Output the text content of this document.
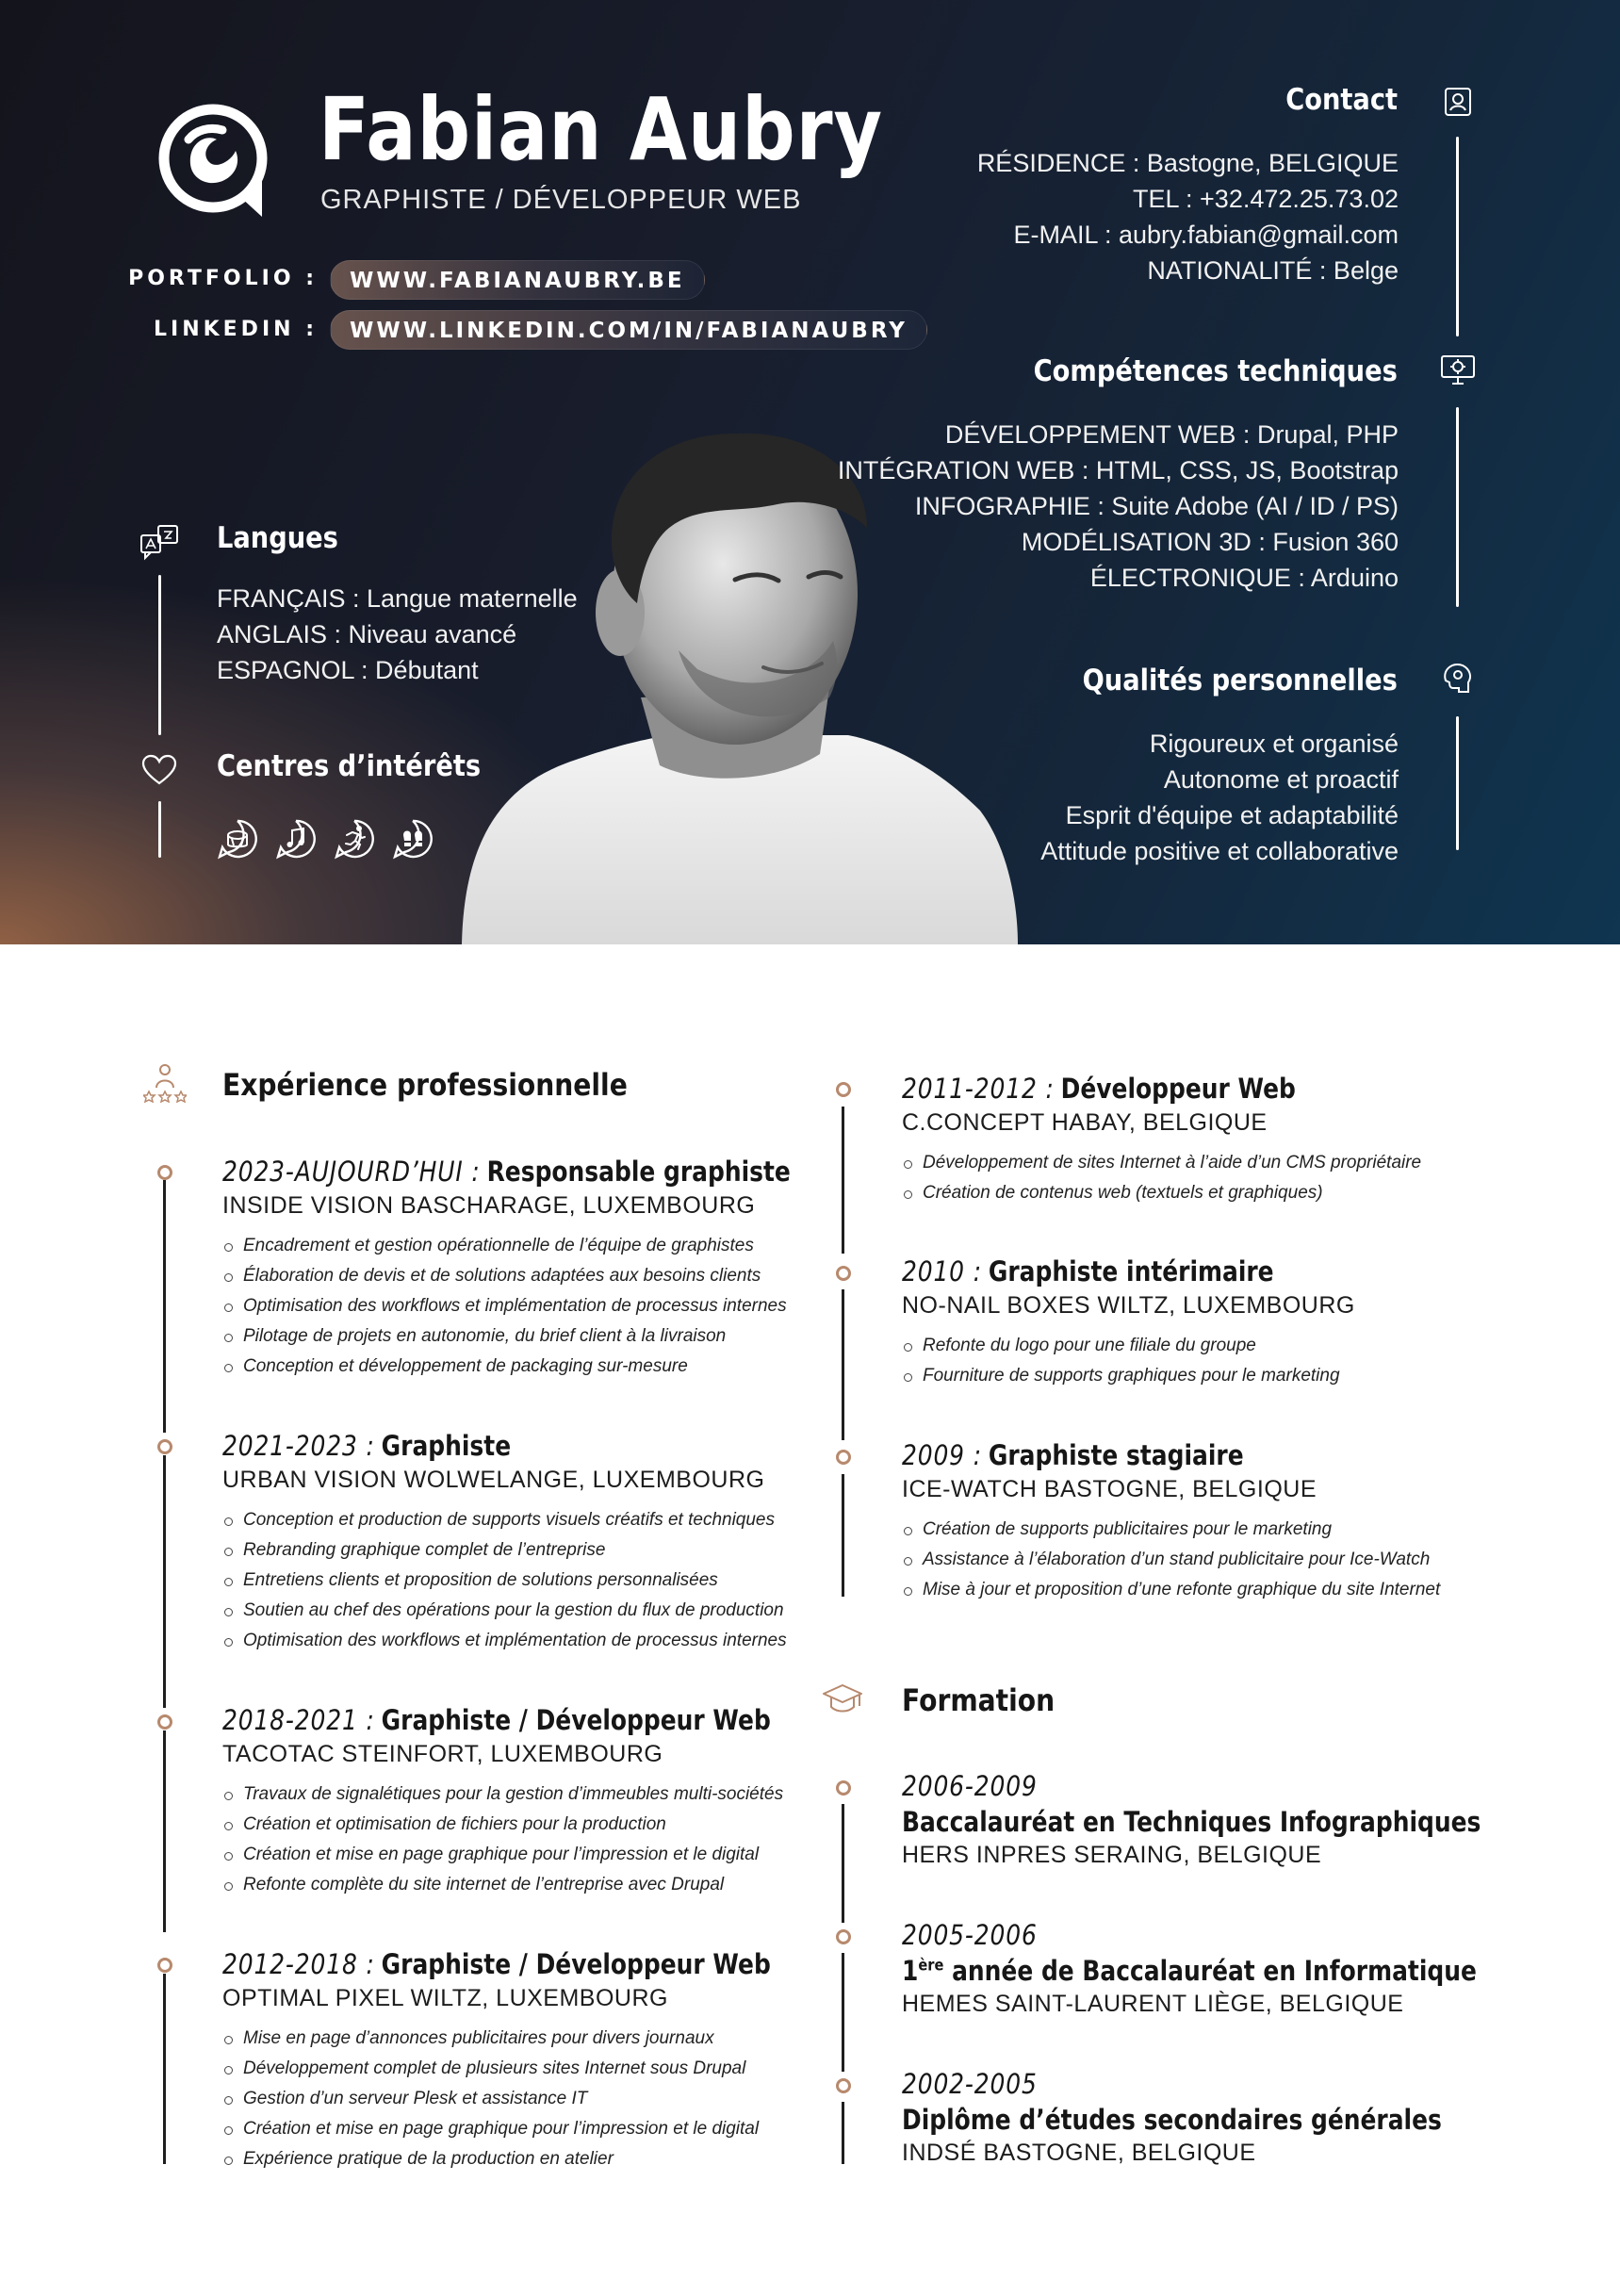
Fabian Aubry
GRAPHISTE / DÉVELOPPEUR WEB
PORTFOLIO :	WWW.FABIANAUBRY.BE
LINKEDIN :	WWW.LINKEDIN.COM/IN/FABIANAUBRY
Contact
RÉSIDENCE : Bastogne, BELGIQUE
TEL : +32.472.25.73.02
E-MAIL : aubry.fabian@gmail.com
NATIONALITÉ : Belge
Compétences techniques
DÉVELOPPEMENT WEB : Drupal, PHP
INTÉGRATION WEB : HTML, CSS, JS, Bootstrap
INFOGRAPHIE : Suite Adobe (AI / ID / PS)
MODÉLISATION 3D : Fusion 360
ÉLECTRONIQUE : Arduino
Qualités personnelles
Rigoureux et organisé
Autonome et proactif
Esprit d'équipe et adaptabilité
Attitude positive et collaborative
Langues
FRANÇAIS : Langue maternelle
ANGLAIS : Niveau avancé
ESPAGNOL : Débutant
Centres d’intérêts
Expérience professionnelle
2023-AUJOURD’HUI : Responsable graphiste
INSIDE VISION BASCHARAGE, LUXEMBOURG
Encadrement et gestion opérationnelle de l’équipe de graphistes
Élaboration de devis et de solutions adaptées aux besoins clients
Optimisation des workflows et implémentation de processus internes
Pilotage de projets en autonomie, du brief client à la livraison
Conception et développement de packaging sur-mesure
2021-2023 : Graphiste
URBAN VISION WOLWELANGE, LUXEMBOURG
Conception et production de supports visuels créatifs et techniques
Rebranding graphique complet de l’entreprise
Entretiens clients et proposition de solutions personnalisées
Soutien au chef des opérations pour la gestion du flux de production
Optimisation des workflows et implémentation de processus internes
2018-2021 : Graphiste / Développeur Web
TACOTAC STEINFORT, LUXEMBOURG
Travaux de signalétiques pour la gestion d’immeubles multi-sociétés
Création et optimisation de fichiers pour la production
Création et mise en page graphique pour l’impression et le digital
Refonte complète du site internet de l’entreprise avec Drupal
2012-2018 : Graphiste / Développeur Web
OPTIMAL PIXEL WILTZ, LUXEMBOURG
Mise en page d’annonces publicitaires pour divers journaux
Développement complet de plusieurs sites Internet sous Drupal
Gestion d’un serveur Plesk et assistance IT
Création et mise en page graphique pour l’impression et le digital
Expérience pratique de la production en atelier
2011-2012 : Développeur Web
C.CONCEPT HABAY, BELGIQUE
Développement de sites Internet à l’aide d’un CMS propriétaire
Création de contenus web (textuels et graphiques)
2010 : Graphiste intérimaire
NO-NAIL BOXES WILTZ, LUXEMBOURG
Refonte du logo pour une filiale du groupe
Fourniture de supports graphiques pour le marketing
2009 : Graphiste stagiaire
ICE-WATCH BASTOGNE, BELGIQUE
Création de supports publicitaires pour le marketing
Assistance à l’élaboration d’un stand publicitaire pour Ice-Watch
Mise à jour et proposition d’une refonte graphique du site Internet
Formation
2006-2009
Baccalauréat en Techniques Infographiques
HERS INPRES SERAING, BELGIQUE
2005-2006
1ère année de Baccalauréat en Informatique
HEMES SAINT-LAURENT LIÈGE, BELGIQUE
2002-2005
Diplôme d’études secondaires générales
INDSÉ BASTOGNE, BELGIQUE
